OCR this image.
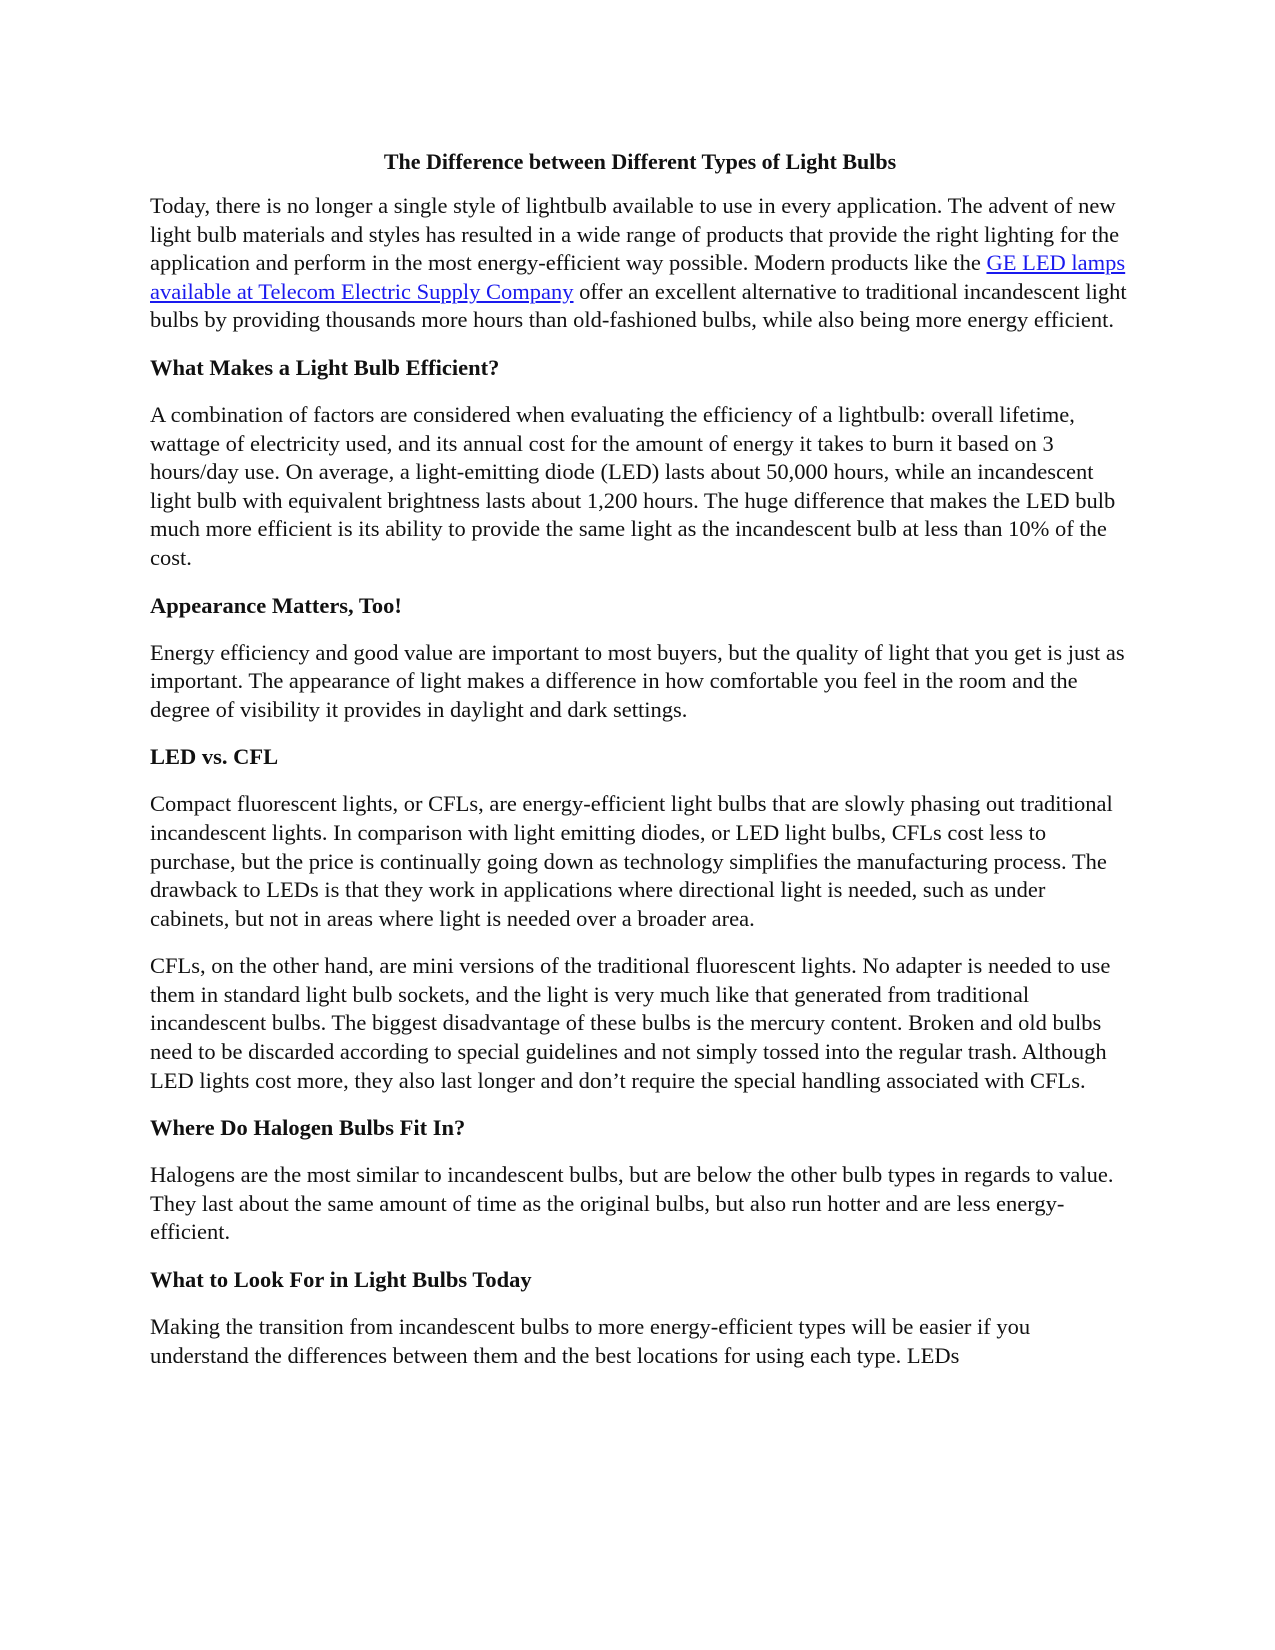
The Difference between Different Types of Light Bulbs

Today, there is no longer a single style of lightbulb available to use in every application. The advent of new light bulb materials and styles has resulted in a wide range of products that provide the right lighting for the application and perform in the most energy-efficient way possible. Modern products like the GE LED lamps available at Telecom Electric Supply Company offer an excellent alternative to traditional incandescent light bulbs by providing thousands more hours than old-fashioned bulbs, while also being more energy efficient.

What Makes a Light Bulb Efficient?

A combination of factors are considered when evaluating the efficiency of a lightbulb: overall lifetime, wattage of electricity used, and its annual cost for the amount of energy it takes to burn it based on 3 hours/day use. On average, a light-emitting diode (LED) lasts about 50,000 hours, while an incandescent light bulb with equivalent brightness lasts about 1,200 hours. The huge difference that makes the LED bulb much more efficient is its ability to provide the same light as the incandescent bulb at less than 10% of the cost.

Appearance Matters, Too!

Energy efficiency and good value are important to most buyers, but the quality of light that you get is just as important. The appearance of light makes a difference in how comfortable you feel in the room and the degree of visibility it provides in daylight and dark settings.

LED vs. CFL

Compact fluorescent lights, or CFLs, are energy-efficient light bulbs that are slowly phasing out traditional incandescent lights. In comparison with light emitting diodes, or LED light bulbs, CFLs cost less to purchase, but the price is continually going down as technology simplifies the manufacturing process. The drawback to LEDs is that they work in applications where directional light is needed, such as under cabinets, but not in areas where light is needed over a broader area.

CFLs, on the other hand, are mini versions of the traditional fluorescent lights. No adapter is needed to use them in standard light bulb sockets, and the light is very much like that generated from traditional incandescent bulbs. The biggest disadvantage of these bulbs is the mercury content. Broken and old bulbs need to be discarded according to special guidelines and not simply tossed into the regular trash. Although LED lights cost more, they also last longer and don’t require the special handling associated with CFLs.

Where Do Halogen Bulbs Fit In?

Halogens are the most similar to incandescent bulbs, but are below the other bulb types in regards to value. They last about the same amount of time as the original bulbs, but also run hotter and are less energy-efficient.

What to Look For in Light Bulbs Today

Making the transition from incandescent bulbs to more energy-efficient types will be easier if you understand the differences between them and the best locations for using each type. LEDs
